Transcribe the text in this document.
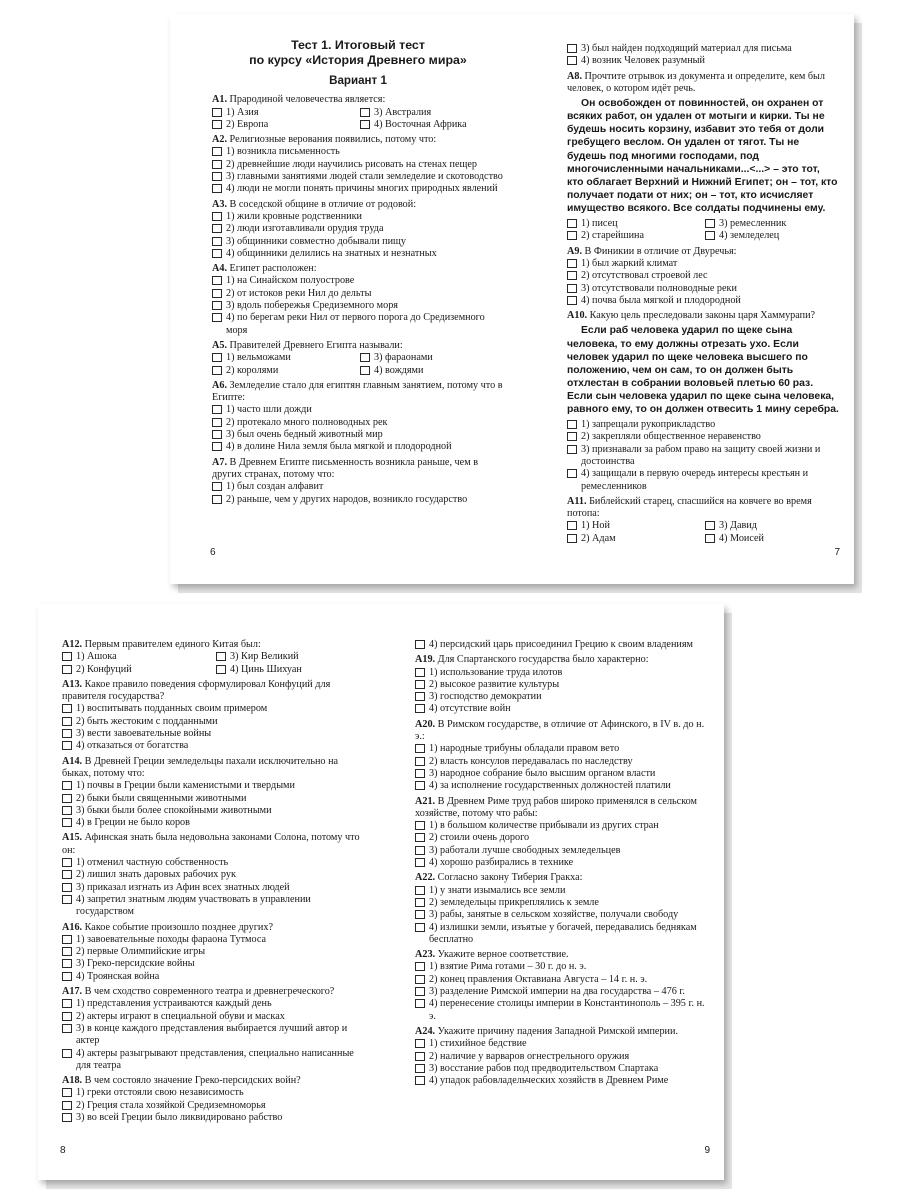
Тест 1. Итоговый тест
по курсу «История Древнего мира»
Вариант 1
А1. Прародиной человечества является:
1) Азия	3) Австралия
2) Европа	4) Восточная Африка
А2. Религиозные верования появились, потому что:
1) возникла письменность
2) древнейшие люди научились рисовать на стенах пещер
3) главными занятиями людей стали земледелие и скотоводство
4) люди не могли понять причины многих природных явлений
А3. В соседской общине в отличие от родовой:
1) жили кровные родственники
2) люди изготавливали орудия труда
3) общинники совместно добывали пищу
4) общинники делились на знатных и незнатных
А4. Египет расположен:
1) на Синайском полуострове
2) от истоков реки Нил до дельты
3) вдоль побережья Средиземного моря
4) по берегам реки Нил от первого порога до Средиземного моря
А5. Правителей Древнего Египта называли:
1) вельможами	3) фараонами
2) королями	4) вождями
А6. Земледелие стало для египтян главным занятием, потому что в Египте:
1) часто шли дожди
2) протекало много полноводных рек
3) был очень бедный животный мир
4) в долине Нила земля была мягкой и плодородной
А7. В Древнем Египте письменность возникла раньше, чем в других странах, потому что:
1) был создан алфавит
2) раньше, чем у других народов, возникло государство
3) был найден подходящий материал для письма
4) возник Человек разумный
А8. Прочтите отрывок из документа и определите, кем был человек, о котором идёт речь.
Он освобожден от повинностей, он охранен от всяких работ, он удален от мотыги и кирки. Ты не будешь носить корзину, избавит это тебя от доли гребущего веслом. Он удален от тягот. Ты не будешь под многими господами, под многочисленными начальниками...<...> – это тот, кто облагает Верхний и Нижний Египет; он – тот, кто получает подати от них; он – тот, кто исчисляет имущество всякого. Все солдаты подчинены ему.
1) писец	3) ремесленник
2) старейшина	4) земледелец
А9. В Финикии в отличие от Двуречья:
1) был жаркий климат
2) отсутствовал строевой лес
3) отсутствовали полноводные реки
4) почва была мягкой и плодородной
А10. Какую цель преследовали законы царя Хаммурапи?
Если раб человека ударил по щеке сына человека, то ему должны отрезать ухо. Если человек ударил по щеке человека высшего по положению, чем он сам, то он должен быть отхлестан в собрании воловьей плетью 60 раз. Если сын человека ударил по щеке сына человека, равного ему, то он должен отвесить 1 мину серебра.
1) запрещали рукоприкладство
2) закрепляли общественное неравенство
3) признавали за рабом право на защиту своей жизни и достоинства
4) защищали в первую очередь интересы крестьян и ремесленников
А11. Библейский старец, спасшийся на ковчеге во время потопа:
1) Ной	3) Давид
2) Адам	4) Моисей
6	7
А12. Первым правителем единого Китая был:
1) Ашока	3) Кир Великий
2) Конфуций	4) Цинь Шихуан
А13. Какое правило поведения сформулировал Конфуций для правителя государства?
1) воспитывать подданных своим примером
2) быть жестоким с подданными
3) вести завоевательные войны
4) отказаться от богатства
А14. В Древней Греции земледельцы пахали исключительно на быках, потому что:
1) почвы в Греции были каменистыми и твердыми
2) быки были священными животными
3) быки были более спокойными животными
4) в Греции не было коров
А15. Афинская знать была недовольна законами Солона, потому что он:
1) отменил частную собственность
2) лишил знать даровых рабочих рук
3) приказал изгнать из Афин всех знатных людей
4) запретил знатным людям участвовать в управлении государством
А16. Какое событие произошло позднее других?
1) завоевательные походы фараона Тутмоса
2) первые Олимпийские игры
3) Греко-персидские войны
4) Троянская война
А17. В чем сходство современного театра и древнегреческого?
1) представления устраиваются каждый день
2) актеры играют в специальной обуви и масках
3) в конце каждого представления выбирается лучший автор и актер
4) актеры разыгрывают представления, специально написанные для театра
А18. В чем состояло значение Греко-персидских войн?
1) греки отстояли свою независимость
2) Греция стала хозяйкой Средиземноморья
3) во всей Греции было ликвидировано рабство
4) персидский царь присоединил Грецию к своим владениям
А19. Для Спартанского государства было характерно:
1) использование труда илотов
2) высокое развитие культуры
3) господство демократии
4) отсутствие войн
А20. В Римском государстве, в отличие от Афинского, в IV в. до н. э.:
1) народные трибуны обладали правом вето
2) власть консулов передавалась по наследству
3) народное собрание было высшим органом власти
4) за исполнение государственных должностей платили
А21. В Древнем Риме труд рабов широко применялся в сельском хозяйстве, потому что рабы:
1) в большом количестве прибывали из других стран
2) стоили очень дорого
3) работали лучше свободных земледельцев
4) хорошо разбирались в технике
А22. Согласно закону Тиберия Гракха:
1) у знати изымались все земли
2) земледельцы прикреплялись к земле
3) рабы, занятые в сельском хозяйстве, получали свободу
4) излишки земли, изъятые у богачей, передавались беднякам бесплатно
А23. Укажите верное соответствие.
1) взятие Рима готами – 30 г. до н. э.
2) конец правления Октавиана Августа – 14 г. н. э.
3) разделение Римской империи на два государства – 476 г.
4) перенесение столицы империи в Константинополь – 395 г. н. э.
А24. Укажите причину падения Западной Римской империи.
1) стихийное бедствие
2) наличие у варваров огнестрельного оружия
3) восстание рабов под предводительством Спартака
4) упадок рабовладельческих хозяйств в Древнем Риме
8	9
